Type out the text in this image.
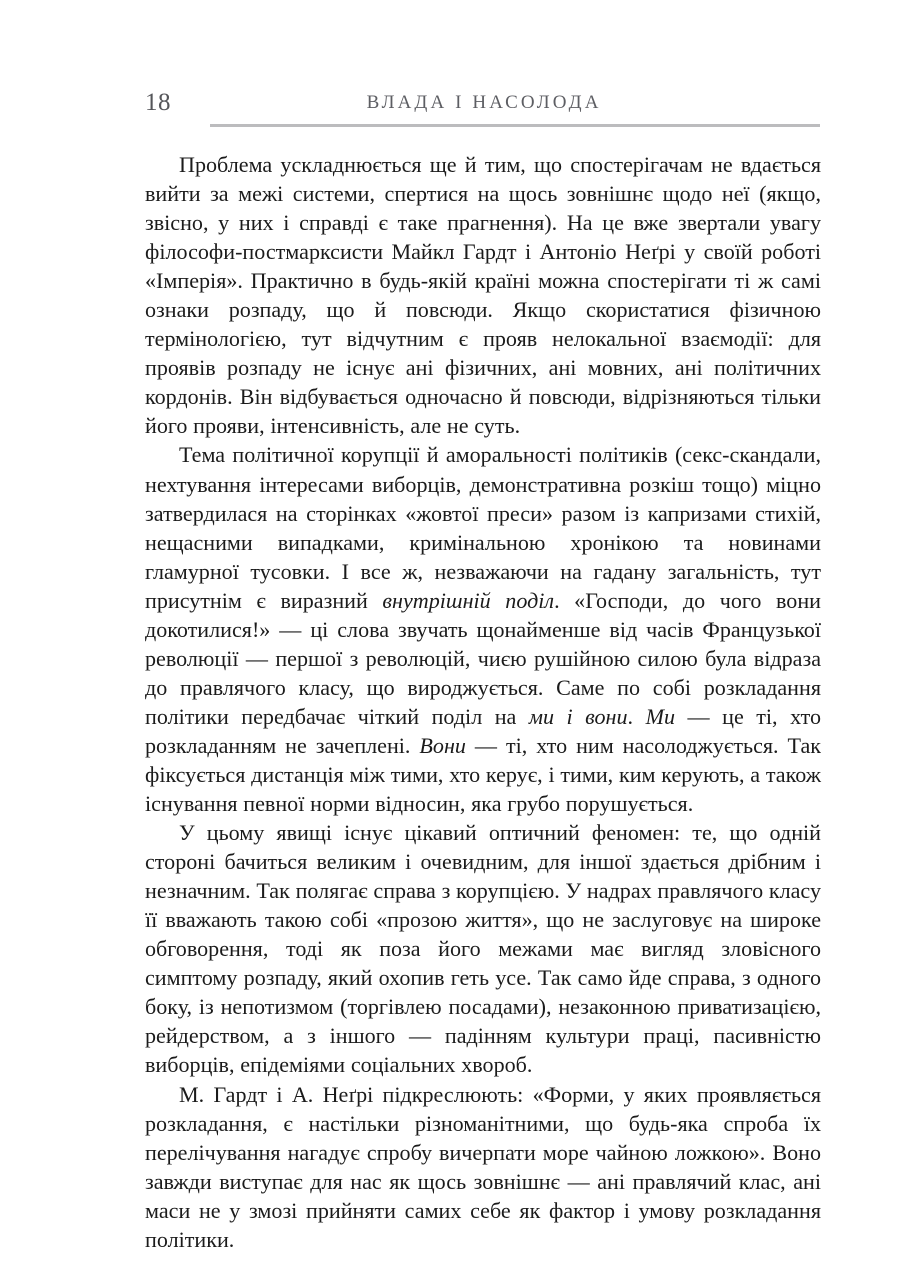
18	ВЛАДА І НАСОЛОДА

Проблема ускладнюється ще й тим, що спостерігачам не вдається вийти за межі системи, спертися на щось зовнішнє щодо неї (якщо, звісно, у них і справді є таке прагнення). На це вже звертали увагу філософи-постмарксисти Майкл Гардт і Антоніо Неґрі у своїй роботі «Імперія». Практично в будь-якій країні можна спостерігати ті ж самі ознаки розпаду, що й повсюди. Якщо скористатися фізичною термінологією, тут відчутним є прояв нелокальної взаємодії: для проявів розпаду не існує ані фізичних, ані мовних, ані політичних кордонів. Він відбувається одночасно й повсюди, відрізняються тільки його прояви, інтенсивність, але не суть.

Тема політичної корупції й аморальності політиків (секс-скандали, нехтування інтересами виборців, демонстративна розкіш тощо) міцно затвердилася на сторінках «жовтої преси» разом із капризами стихій, нещасними випадками, кримінальною хронікою та новинами гламурної тусовки. І все ж, незважаючи на гадану загальність, тут присутнім є виразний внутрішній поділ. «Господи, до чого вони докотилися!» — ці слова звучать щонайменше від часів Французької революції — першої з революцій, чиєю рушійною силою була відраза до правлячого класу, що вироджується. Саме по собі розкладання політики передбачає чіткий поділ на ми і вони. Ми — це ті, хто розкладанням не зачеплені. Вони — ті, хто ним насолоджується. Так фіксується дистанція між тими, хто керує, і тими, ким керують, а також існування певної норми відносин, яка грубо порушується.

У цьому явищі існує цікавий оптичний феномен: те, що одній стороні бачиться великим і очевидним, для іншої здається дрібним і незначним. Так полягає справа з корупцією. У надрах правлячого класу її вважають такою собі «прозою життя», що не заслуговує на широке обговорення, тоді як поза його межами має вигляд зловісного симптому розпаду, який охопив геть усе. Так само йде справа, з одного боку, із непотизмом (торгівлею посадами), незаконною приватизацією, рейдерством, а з іншого — падінням культури праці, пасивністю виборців, епідеміями соціальних хвороб.

М. Гардт і А. Неґрі підкреслюють: «Форми, у яких проявляється розкладання, є настільки різноманітними, що будь-яка спроба їх перелічування нагадує спробу вичерпати море чайною ложкою». Воно завжди виступає для нас як щось зовнішнє — ані правлячий клас, ані маси не у змозі прийняти самих себе як фактор і умову розкладання політики.
